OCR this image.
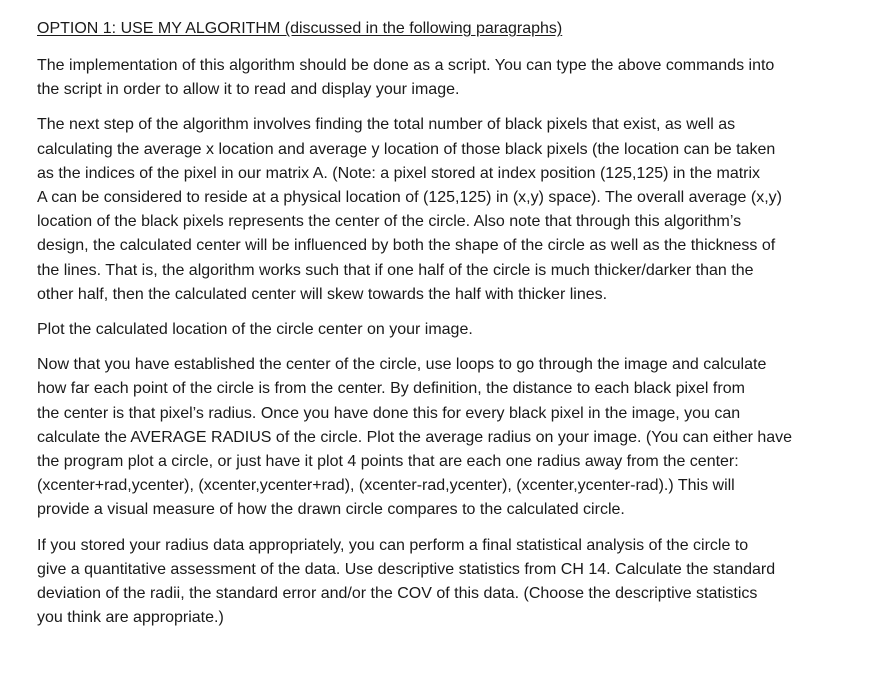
OPTION 1: USE MY ALGORITHM (discussed in the following paragraphs)
The implementation of this algorithm should be done as a script. You can type the above commands into
the script in order to allow it to read and display your image.
The next step of the algorithm involves finding the total number of black pixels that exist, as well as
calculating the average x location and average y location of those black pixels (the location can be taken
as the indices of the pixel in our matrix A. (Note: a pixel stored at index position (125,125) in the matrix
A can be considered to reside at a physical location of (125,125) in (x,y) space). The overall average (x,y)
location of the black pixels represents the center of the circle. Also note that through this algorithm’s
design, the calculated center will be influenced by both the shape of the circle as well as the thickness of
the lines. That is, the algorithm works such that if one half of the circle is much thicker/darker than the
other half, then the calculated center will skew towards the half with thicker lines.
Plot the calculated location of the circle center on your image.
Now that you have established the center of the circle, use loops to go through the image and calculate
how far each point of the circle is from the center. By definition, the distance to each black pixel from
the center is that pixel’s radius. Once you have done this for every black pixel in the image, you can
calculate the AVERAGE RADIUS of the circle. Plot the average radius on your image. (You can either have
the program plot a circle, or just have it plot 4 points that are each one radius away from the center:
(xcenter+rad,ycenter), (xcenter,ycenter+rad), (xcenter-rad,ycenter), (xcenter,ycenter-rad).) This will
provide a visual measure of how the drawn circle compares to the calculated circle.
If you stored your radius data appropriately, you can perform a final statistical analysis of the circle to
give a quantitative assessment of the data. Use descriptive statistics from CH 14. Calculate the standard
deviation of the radii, the standard error and/or the COV of this data. (Choose the descriptive statistics
you think are appropriate.)
